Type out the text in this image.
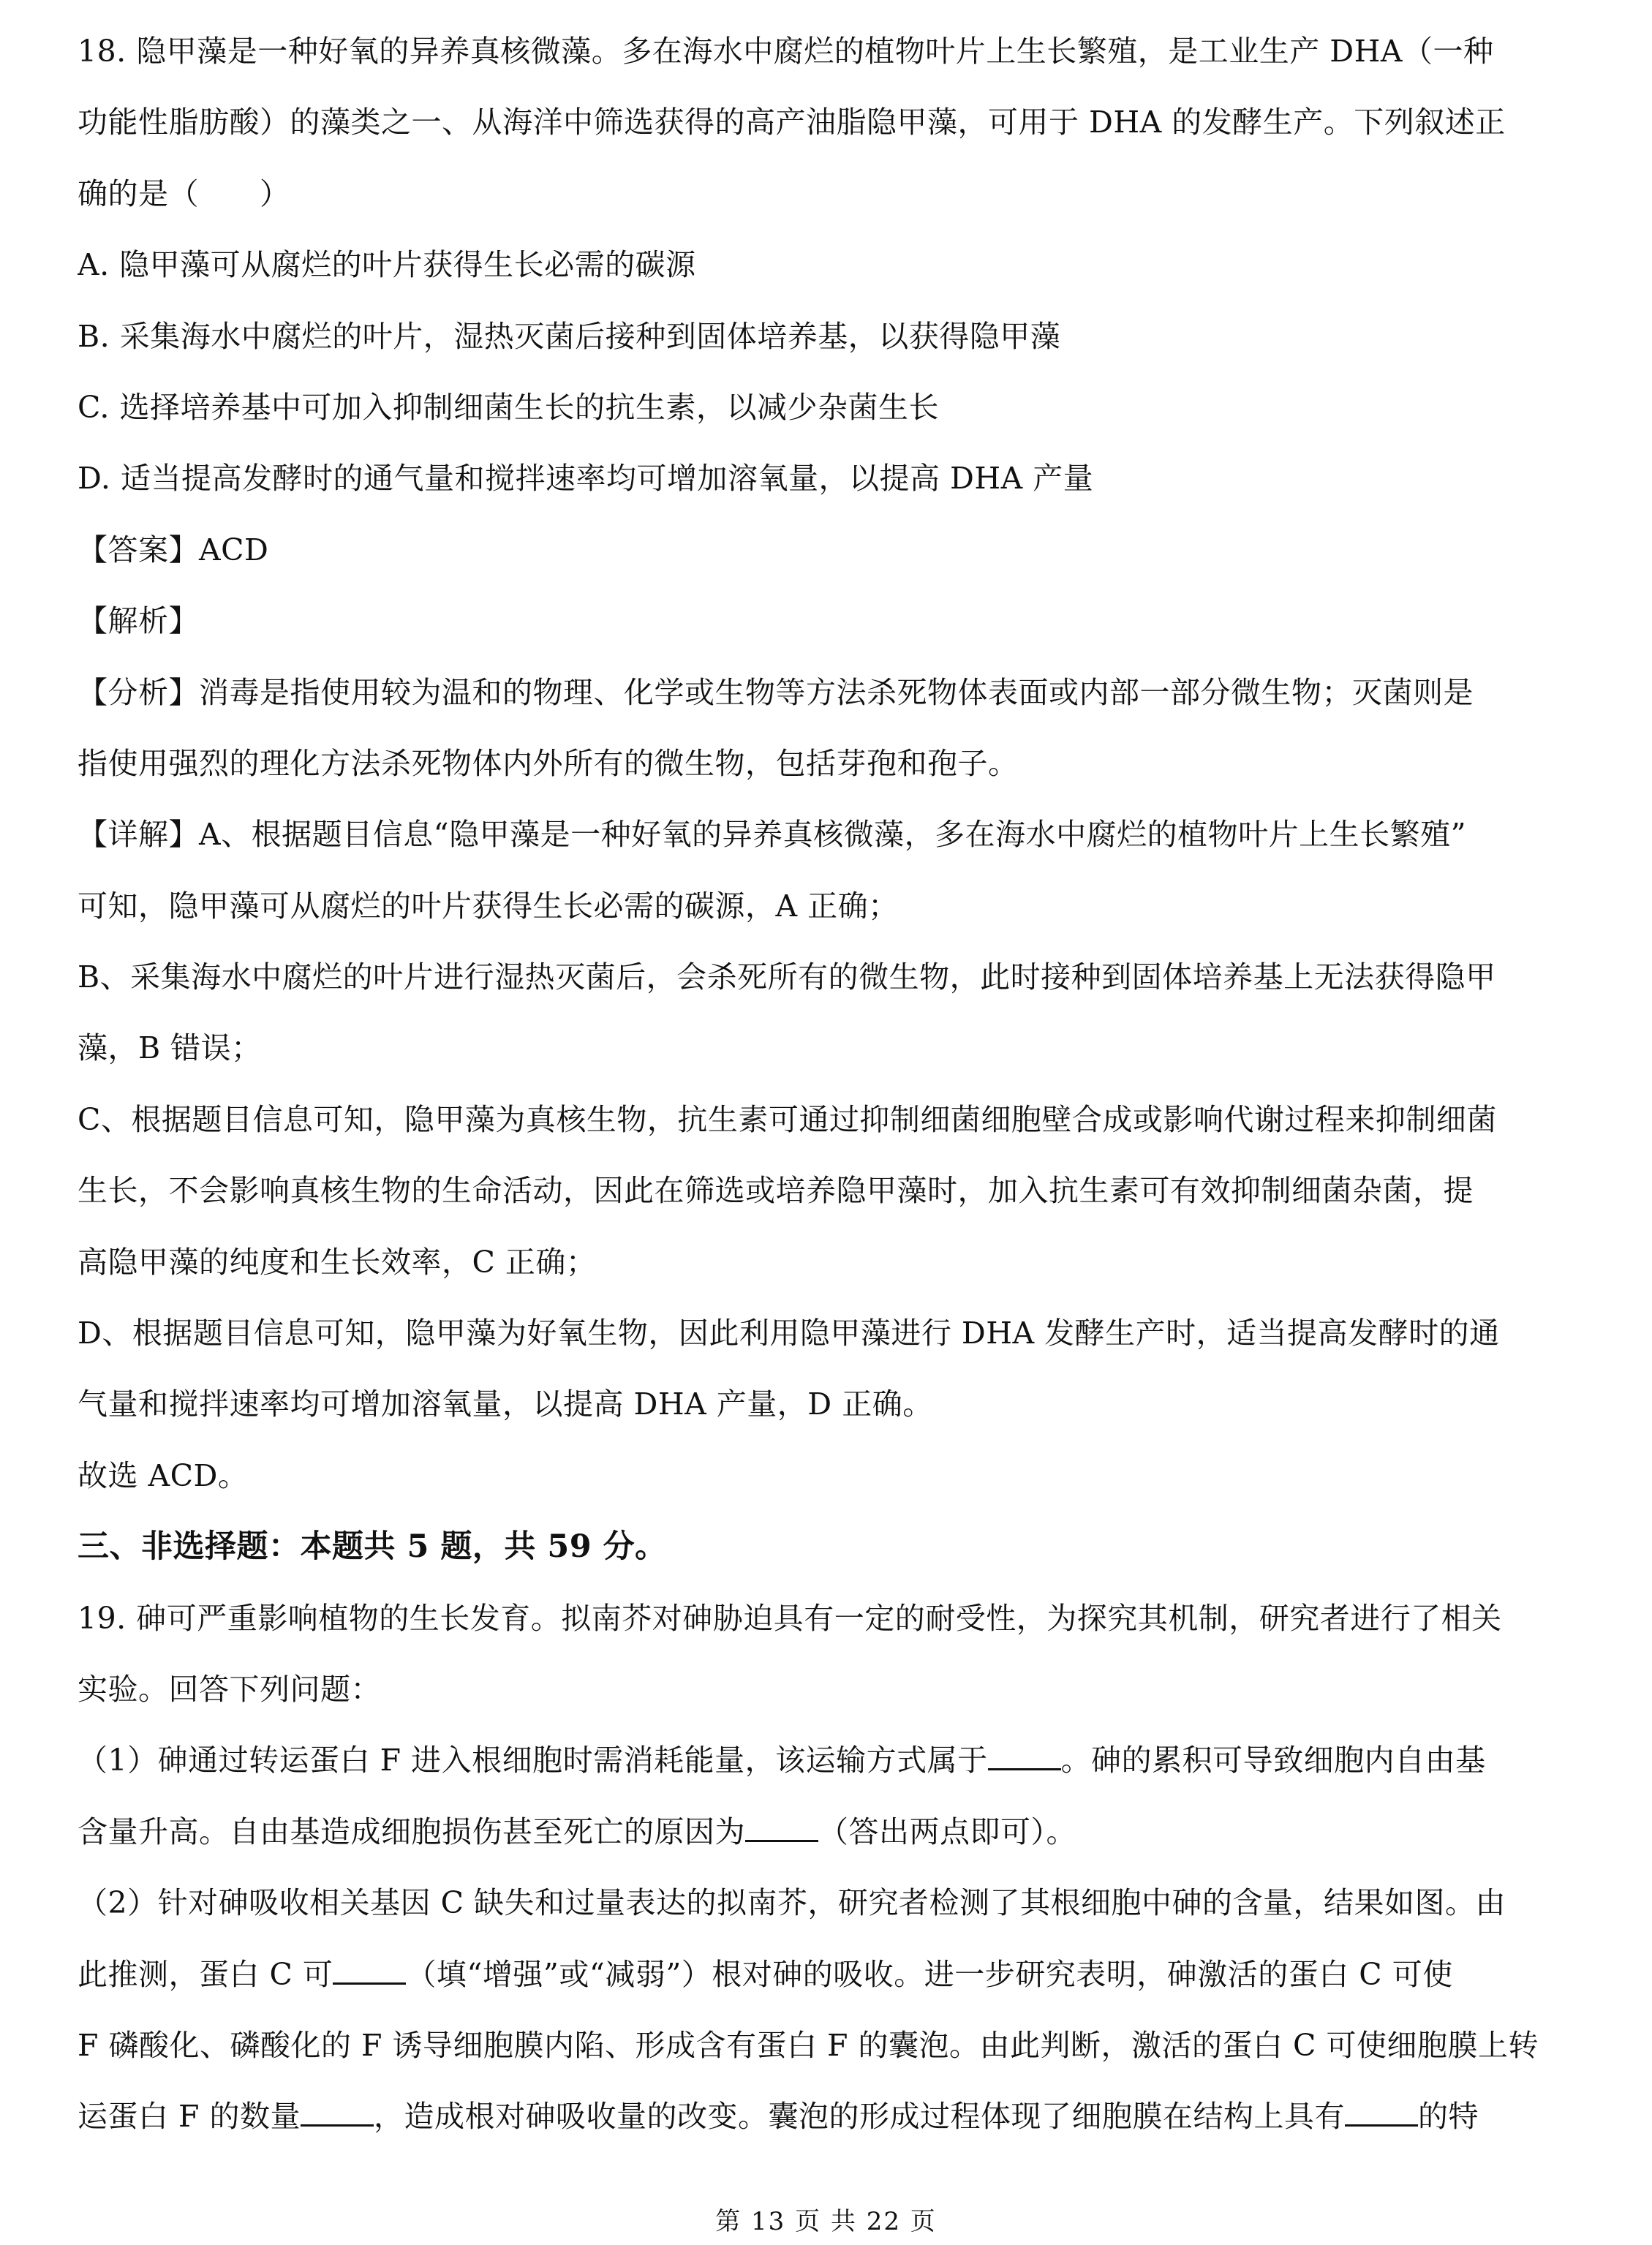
18. 隐甲藻是一种好氧的异养真核微藻。多在海水中腐烂的植物叶片上生长繁殖，是工业生产 DHA（一种
功能性脂肪酸）的藻类之一、从海洋中筛选获得的高产油脂隐甲藻，可用于 DHA 的发酵生产。下列叙述正
确的是（　　）
A. 隐甲藻可从腐烂的叶片获得生长必需的碳源
B. 采集海水中腐烂的叶片，湿热灭菌后接种到固体培养基，以获得隐甲藻
C. 选择培养基中可加入抑制细菌生长的抗生素，以减少杂菌生长
D. 适当提高发酵时的通气量和搅拌速率均可增加溶氧量，以提高 DHA 产量
【答案】ACD
【解析】
【分析】消毒是指使用较为温和的物理、化学或生物等方法杀死物体表面或内部一部分微生物；灭菌则是
指使用强烈的理化方法杀死物体内外所有的微生物，包括芽孢和孢子。
【详解】A、根据题目信息“隐甲藻是一种好氧的异养真核微藻，多在海水中腐烂的植物叶片上生长繁殖”
可知，隐甲藻可从腐烂的叶片获得生长必需的碳源，A 正确；
B、采集海水中腐烂的叶片进行湿热灭菌后，会杀死所有的微生物，此时接种到固体培养基上无法获得隐甲
藻，B 错误；
C、根据题目信息可知，隐甲藻为真核生物，抗生素可通过抑制细菌细胞壁合成或影响代谢过程来抑制细菌
生长，不会影响真核生物的生命活动，因此在筛选或培养隐甲藻时，加入抗生素可有效抑制细菌杂菌，提
高隐甲藻的纯度和生长效率，C 正确；
D、根据题目信息可知，隐甲藻为好氧生物，因此利用隐甲藻进行 DHA 发酵生产时，适当提高发酵时的通
气量和搅拌速率均可增加溶氧量，以提高 DHA 产量，D 正确。
故选 ACD。
三、非选择题：本题共 5 题，共 59 分。
19. 砷可严重影响植物的生长发育。拟南芥对砷胁迫具有一定的耐受性，为探究其机制，研究者进行了相关
实验。回答下列问题：
（1）砷通过转运蛋白 F 进入根细胞时需消耗能量，该运输方式属于 。砷的累积可导致细胞内自由基
含量升高。自由基造成细胞损伤甚至死亡的原因为 （答出两点即可）。
（2）针对砷吸收相关基因 C 缺失和过量表达的拟南芥，研究者检测了其根细胞中砷的含量，结果如图。由
此推测，蛋白 C 可 （填“增强”或“减弱”）根对砷的吸收。进一步研究表明，砷激活的蛋白 C 可使
F 磷酸化、磷酸化的 F 诱导细胞膜内陷、形成含有蛋白 F 的囊泡。由此判断，激活的蛋白 C 可使细胞膜上转
运蛋白 F 的数量 ，造成根对砷吸收量的改变。囊泡的形成过程体现了细胞膜在结构上具有 的特
第 13 页 共 22 页
